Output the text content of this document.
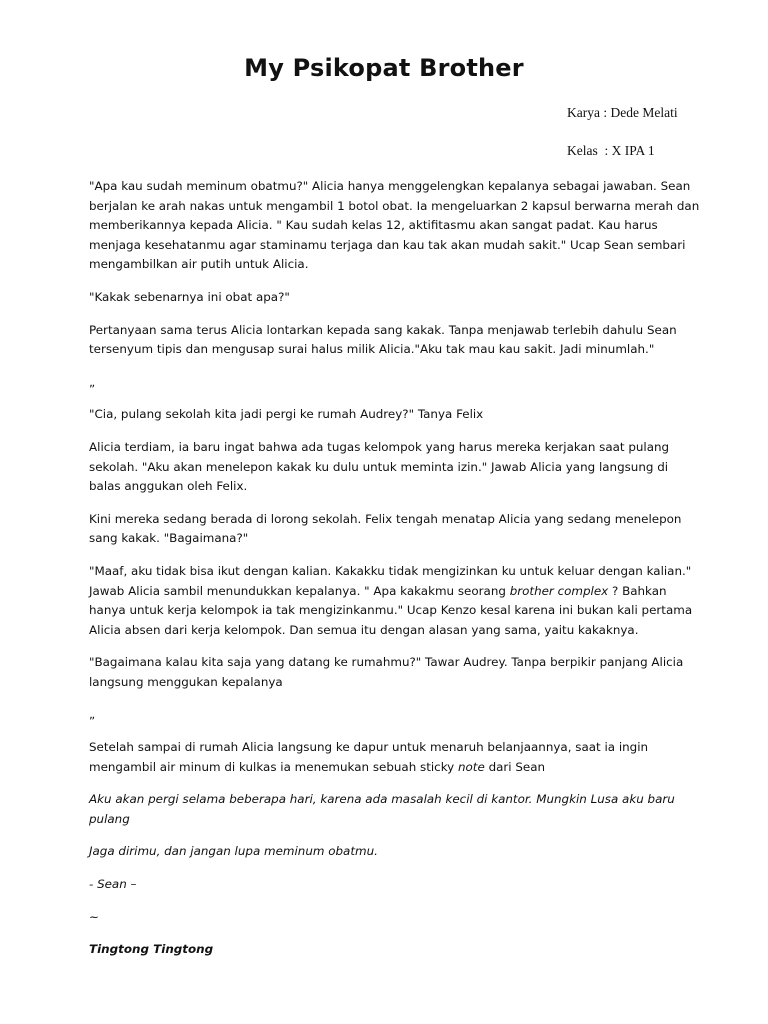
My Psikopat Brother

Karya : Dede Melati

Kelas  : X IPA 1

"Apa kau sudah meminum obatmu?" Alicia hanya menggelengkan kepalanya sebagai jawaban. Sean berjalan ke arah nakas untuk mengambil 1 botol obat. Ia mengeluarkan 2 kapsul berwarna merah dan memberikannya kepada Alicia. " Kau sudah kelas 12, aktifitasmu akan sangat padat. Kau harus menjaga kesehatanmu agar staminamu terjaga dan kau tak akan mudah sakit." Ucap Sean sembari mengambilkan air putih untuk Alicia.

"Kakak sebenarnya ini obat apa?"

Pertanyaan sama terus Alicia lontarkan kepada sang kakak. Tanpa menjawab terlebih dahulu Sean tersenyum tipis dan mengusap surai halus milik Alicia."Aku tak mau kau sakit. Jadi minumlah."

„

"Cia, pulang sekolah kita jadi pergi ke rumah Audrey?" Tanya Felix

Alicia terdiam, ia baru ingat bahwa ada tugas kelompok yang harus mereka kerjakan saat pulang sekolah. "Aku akan menelepon kakak ku dulu untuk meminta izin." Jawab Alicia yang langsung di balas anggukan oleh Felix.

Kini mereka sedang berada di lorong sekolah. Felix tengah menatap Alicia yang sedang menelepon sang kakak. "Bagaimana?"

"Maaf, aku tidak bisa ikut dengan kalian. Kakakku tidak mengizinkan ku untuk keluar dengan kalian." Jawab Alicia sambil menundukkan kepalanya. " Apa kakakmu seorang brother complex ? Bahkan hanya untuk kerja kelompok ia tak mengizinkanmu." Ucap Kenzo kesal karena ini bukan kali pertama Alicia absen dari kerja kelompok. Dan semua itu dengan alasan yang sama, yaitu kakaknya.

"Bagaimana kalau kita saja yang datang ke rumahmu?" Tawar Audrey. Tanpa berpikir panjang Alicia langsung menggukan kepalanya

„

Setelah sampai di rumah Alicia langsung ke dapur untuk menaruh belanjaannya, saat ia ingin mengambil air minum di kulkas ia menemukan sebuah sticky note dari Sean

Aku akan pergi selama beberapa hari, karena ada masalah kecil di kantor. Mungkin Lusa aku baru pulang

Jaga dirimu, dan jangan lupa meminum obatmu.

- Sean –

~

Tingtong Tingtong
